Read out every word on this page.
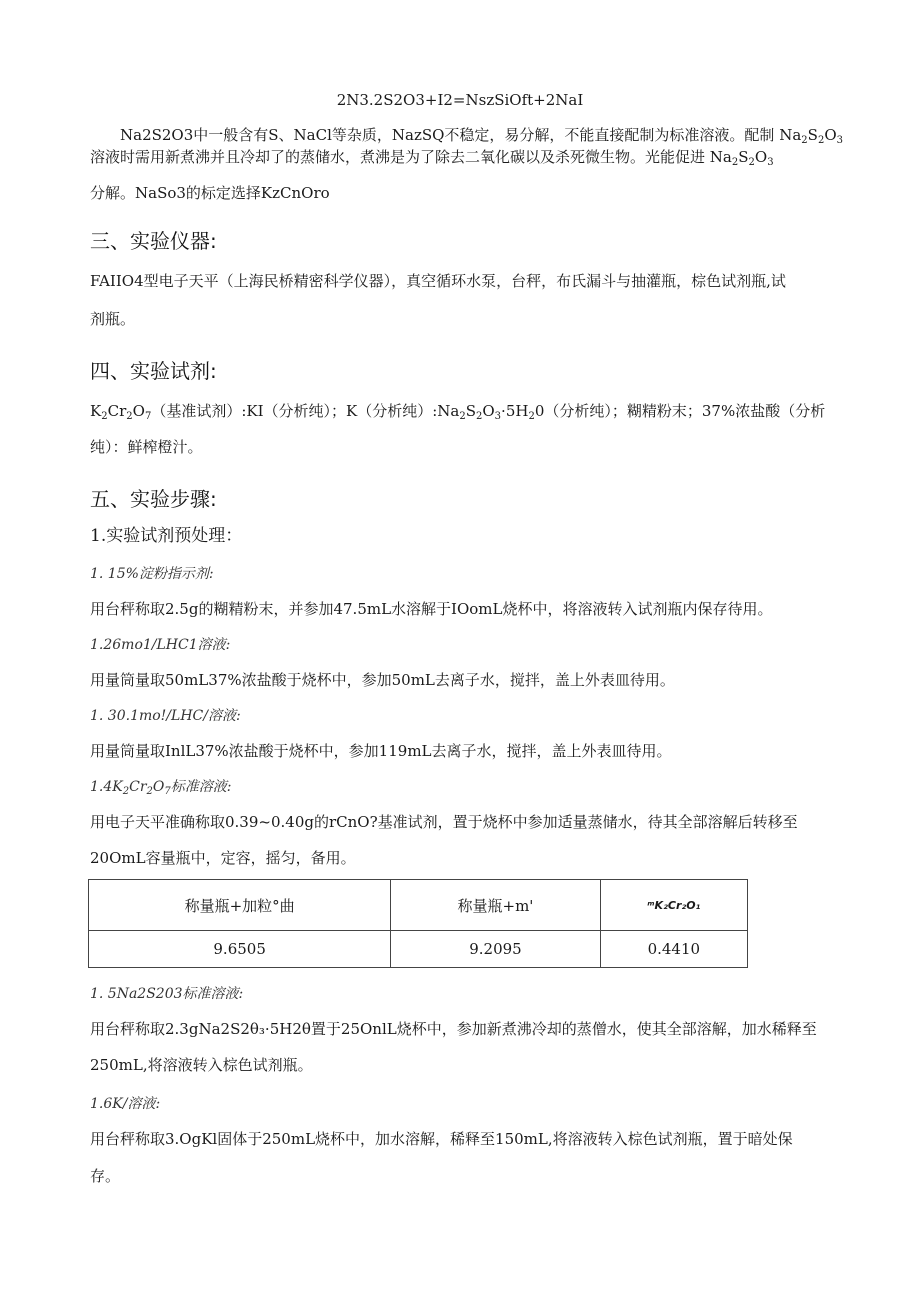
2N3.2S2O3+I2=NszSiOft+2NaI
Na2S2O3中一般含有S、NaCl等杂质，NazSQ不稳定，易分解，不能直接配制为标准溶液。配制 $Na_2S_2O_3$
溶液时需用新煮沸并且冷却了的蒸储水，煮沸是为了除去二氧化碳以及杀死微生物。光能促进 $Na_2S_2O_3$
分解。NaSo3的标定选择KzCnOro
三、实验仪器:
FAIIO4型电子天平（上海民桥精密科学仪器），真空循环水泵，台秤，布氏漏斗与抽灌瓶，棕色试剂瓶,试
剂瓶。
四、实验试剂:
$K_2Cr_2O_7$（基准试剂）:KI（分析纯）；K（分析纯）$:Na_2S_2O_3\cdot 5H_20$（分析纯）；糊精粉末；37%浓盐酸（分析
纯）：鲜榨橙汁。
五、实验步骤:
1.实验试剂预处理：
1. 15%淀粉指示剂:
用台秤称取2.5g的糊精粉末，并参加47.5mL水溶解于IOomL烧杯中，将溶液转入试剂瓶内保存待用。
1.26mo1/LHC1溶液:
用量筒量取50mL37%浓盐酸于烧杯中，参加50mL去离子水，搅拌，盖上外表皿待用。
1. 30.1mo!/LHC/溶液:
用量筒量取InlL37%浓盐酸于烧杯中，参加119mL去离子水，搅拌，盖上外表皿待用。
$1.4K_2Cr_2O_7$标准溶液:
用电子天平准确称取0.39~0.40g的rCnO?基准试剂，置于烧杯中参加适量蒸储水，待其全部溶解后转移至
20OmL容量瓶中，定容，摇匀，备用。
称量瓶+加粒°曲	称量瓶+m'	ᵐK₂Cr₂O₁
9.6505	9.2095	0.4410
1. 5Na2S203标准溶液:
用台秤称取2.3gNa2S2θ₃·5H2θ置于25OnlL烧杯中，参加新煮沸冷却的蒸僧水，使其全部溶解，加水稀释至
250mL,将溶液转入棕色试剂瓶。
1.6K/溶液:
用台秤称取3.OgKl固体于250mL烧杯中，加水溶解，稀释至150mL,将溶液转入棕色试剂瓶，置于暗处保
存。
